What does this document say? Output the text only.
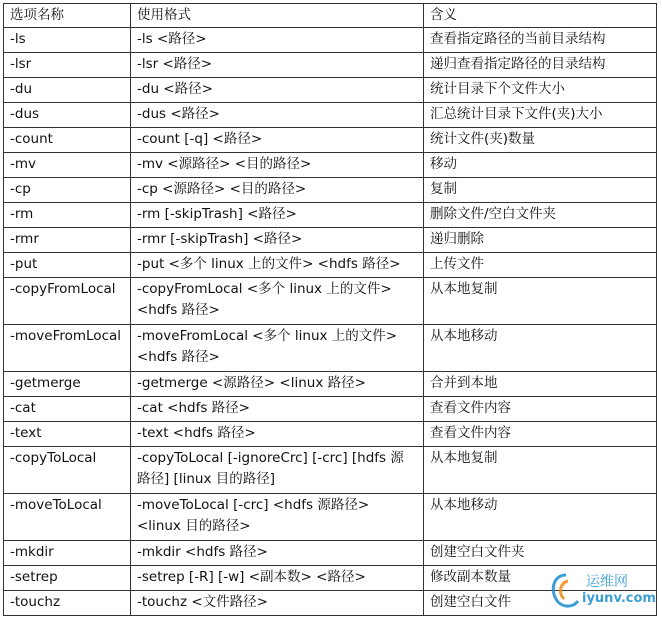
选项名称	使用格式	含义
-ls	-ls <路径>	查看指定路径的当前目录结构
-lsr	-lsr <路径>	递归查看指定路径的目录结构
-du	-du <路径>	统计目录下个文件大小
-dus	-dus <路径>	汇总统计目录下文件(夹)大小
-count	-count [-q] <路径>	统计文件(夹)数量
-mv	-mv <源路径> <目的路径>	移动
-cp	-cp <源路径> <目的路径>	复制
-rm	-rm [-skipTrash] <路径>	删除文件/空白文件夹
-rmr	-rmr [-skipTrash] <路径>	递归删除
-put	-put <多个 linux 上的文件> <hdfs 路径>	上传文件
-copyFromLocal	-copyFromLocal <多个 linux 上的文件> <hdfs 路径>	从本地复制
-moveFromLocal	-moveFromLocal <多个 linux 上的文件> <hdfs 路径>	从本地移动
-getmerge	-getmerge <源路径> <linux 路径>	合并到本地
-cat	-cat <hdfs 路径>	查看文件内容
-text	-text <hdfs 路径>	查看文件内容
-copyToLocal	-copyToLocal [-ignoreCrc] [-crc] [hdfs 源路径] [linux 目的路径]	从本地复制
-moveToLocal	-moveToLocal [-crc] <hdfs 源路径> <linux 目的路径>	从本地移动
-mkdir	-mkdir <hdfs 路径>	创建空白文件夹
-setrep	-setrep [-R] [-w] <副本数> <路径>	修改副本数量
-touchz	-touchz <文件路径>	创建空白文件
运维网
iyunv.com
